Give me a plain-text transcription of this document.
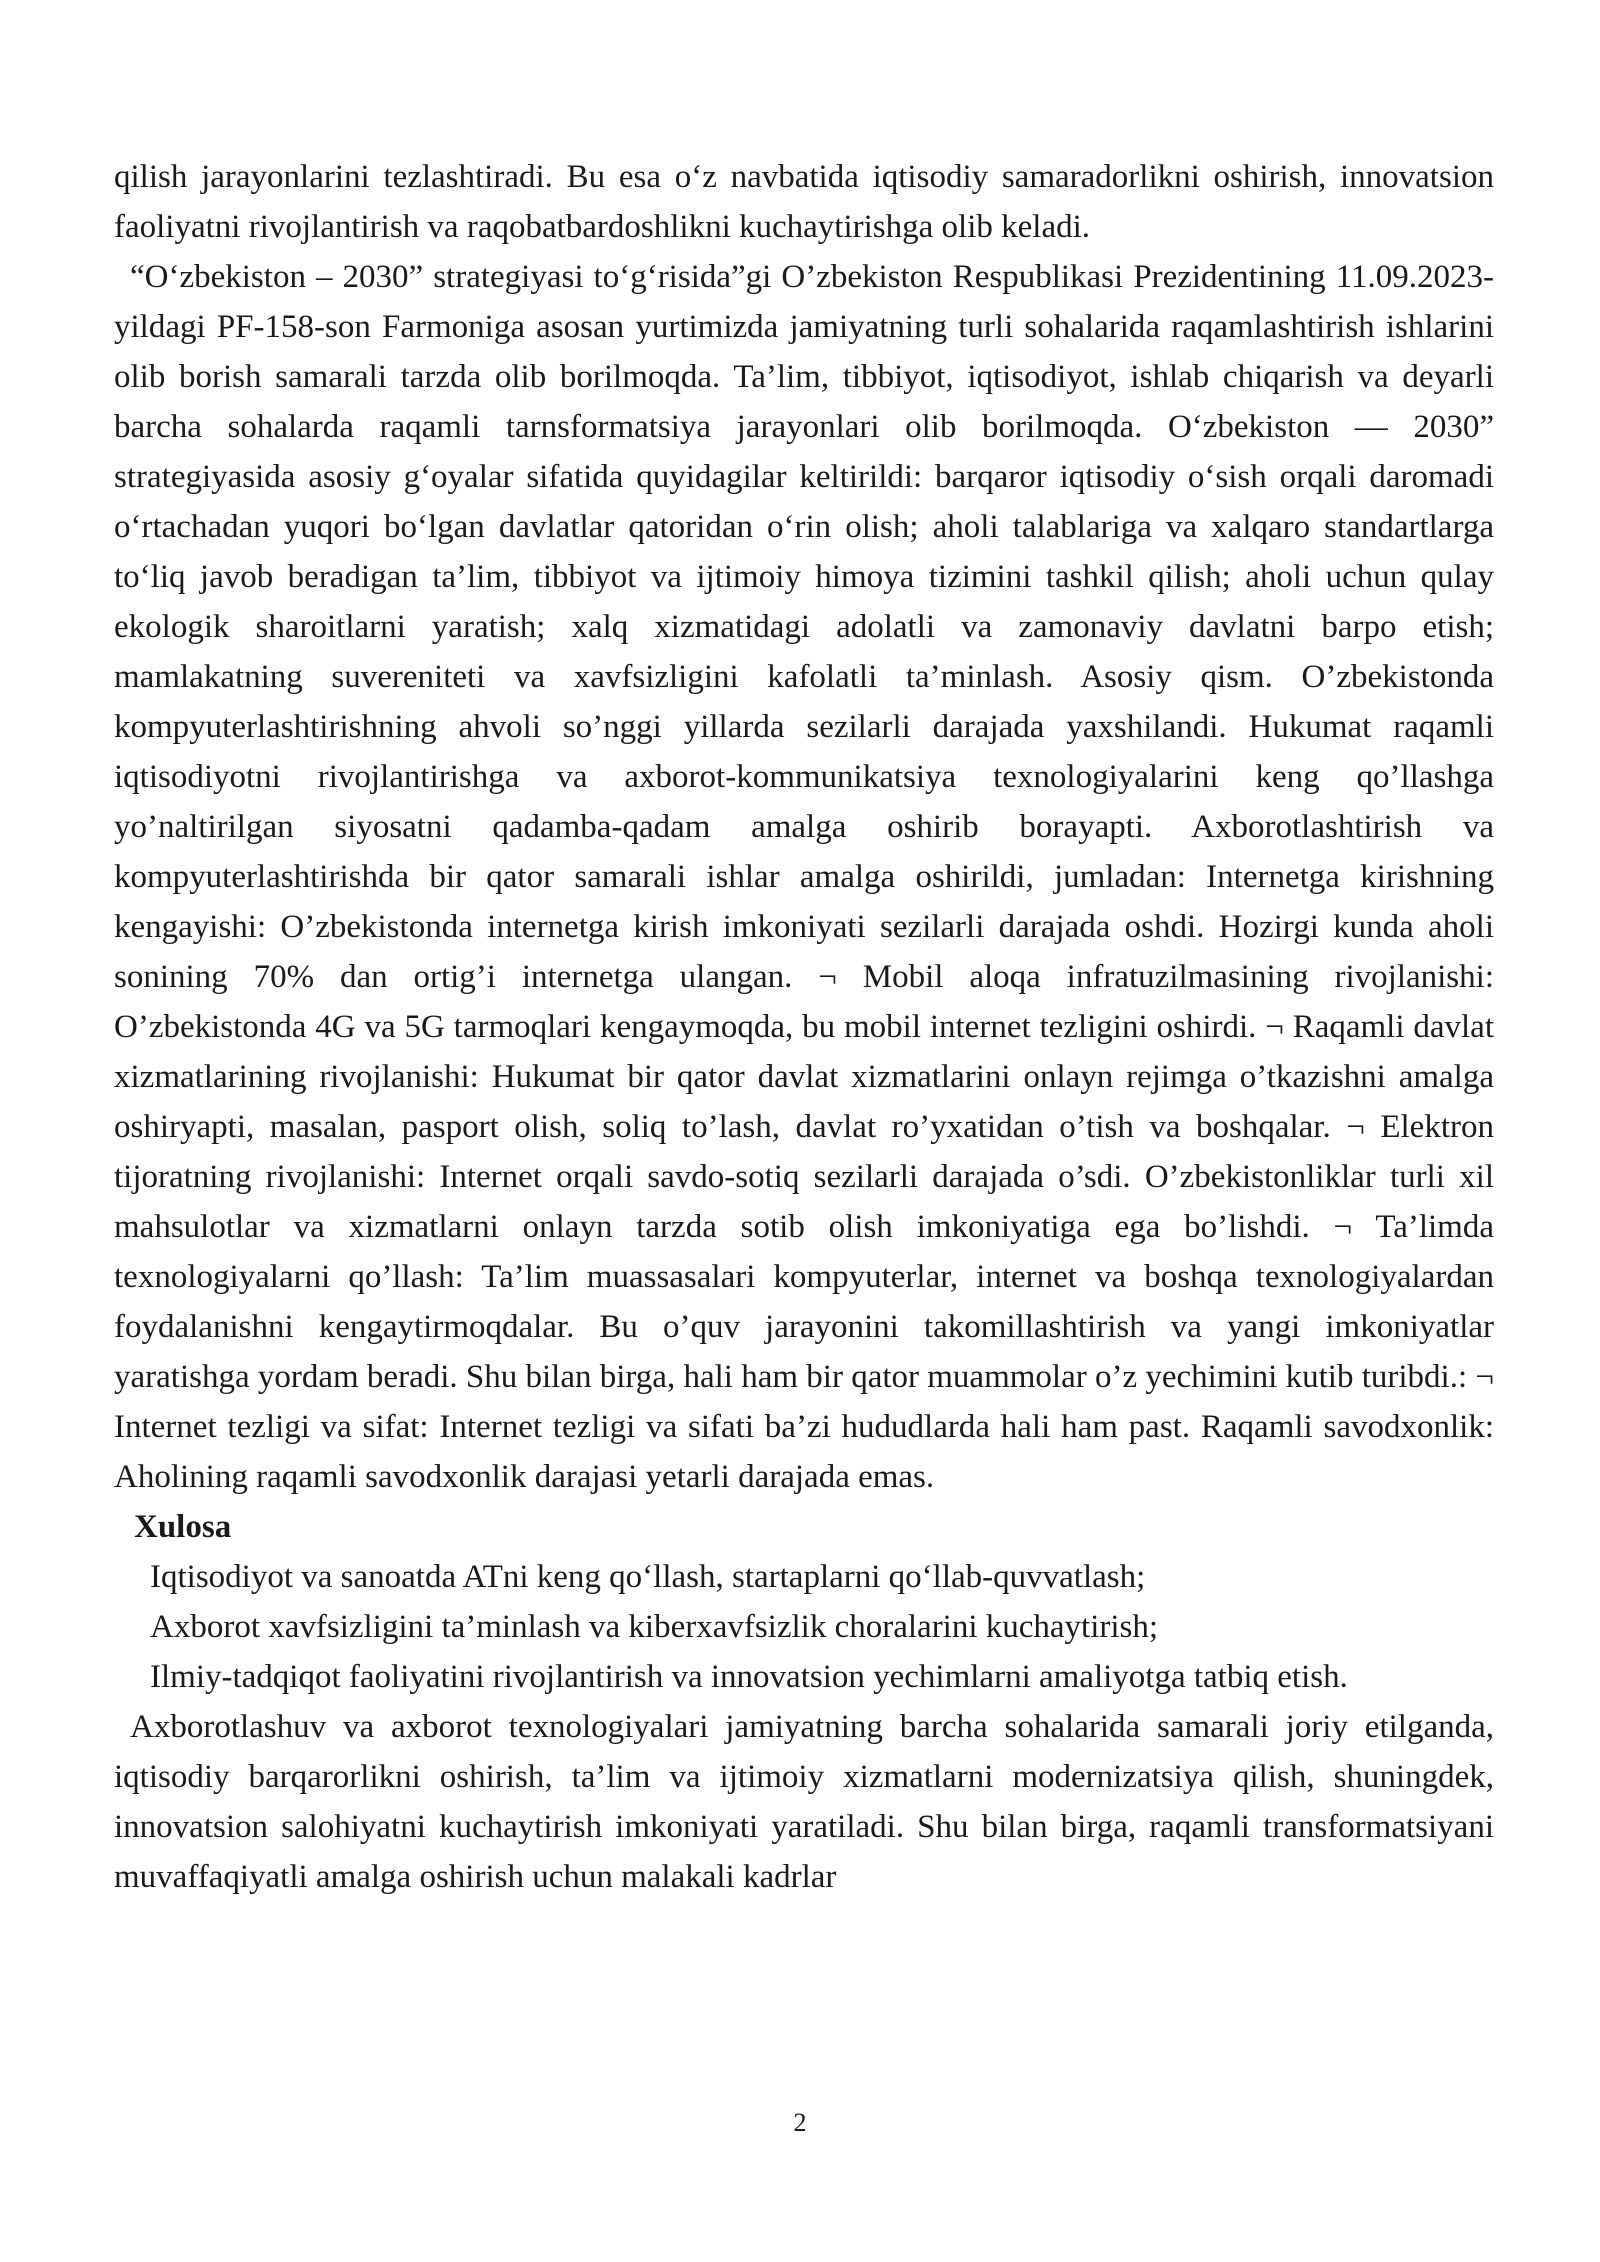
qilish jarayonlarini tezlashtiradi. Bu esa o‘z navbatida iqtisodiy samaradorlikni oshirish, innovatsion faoliyatni rivojlantirish va raqobatbardoshlikni kuchaytirishga olib keladi.

“O‘zbekiston – 2030” strategiyasi to‘g‘risida”gi O’zbekiston Respublikasi Prezidentining 11.09.2023-yildagi PF-158-son Farmoniga asosan yurtimizda jamiyatning turli sohalarida raqamlashtirish ishlarini olib borish samarali tarzda olib borilmoqda. Ta’lim, tibbiyot, iqtisodiyot, ishlab chiqarish va deyarli barcha sohalarda raqamli tarnsformatsiya jarayonlari olib borilmoqda. O‘zbekiston — 2030” strategiyasida asosiy g‘oyalar sifatida quyidagilar keltirildi: barqaror iqtisodiy o‘sish orqali daromadi o‘rtachadan yuqori bo‘lgan davlatlar qatoridan o‘rin olish; aholi talablariga va xalqaro standartlarga to‘liq javob beradigan ta’lim, tibbiyot va ijtimoiy himoya tizimini tashkil qilish; aholi uchun qulay ekologik sharoitlarni yaratish; xalq xizmatidagi adolatli va zamonaviy davlatni barpo etish; mamlakatning suvereniteti va xavfsizligini kafolatli ta’minlash. Asosiy qism. O’zbekistonda kompyuterlashtirishning ahvoli so’nggi yillarda sezilarli darajada yaxshilandi. Hukumat raqamli iqtisodiyotni rivojlantirishga va axborot-kommunikatsiya texnologiyalarini keng qo’llashga yo’naltirilgan siyosatni qadamba-qadam amalga oshirib borayapti. Axborotlashtirish va kompyuterlashtirishda bir qator samarali ishlar amalga oshirildi, jumladan: Internetga kirishning kengayishi: O’zbekistonda internetga kirish imkoniyati sezilarli darajada oshdi. Hozirgi kunda aholi sonining 70% dan ortig’i internetga ulangan. ¬ Mobil aloqa infratuzilmasining rivojlanishi: O’zbekistonda 4G va 5G tarmoqlari kengaymoqda, bu mobil internet tezligini oshirdi. ¬ Raqamli davlat xizmatlarining rivojlanishi: Hukumat bir qator davlat xizmatlarini onlayn rejimga o’tkazishni amalga oshiryapti, masalan, pasport olish, soliq to’lash, davlat ro’yxatidan o’tish va boshqalar. ¬ Elektron tijoratning rivojlanishi: Internet orqali savdo-sotiq sezilarli darajada o’sdi. O’zbekistonliklar turli xil mahsulotlar va xizmatlarni onlayn tarzda sotib olish imkoniyatiga ega bo’lishdi. ¬ Ta’limda texnologiyalarni qo’llash: Ta’lim muassasalari kompyuterlar, internet va boshqa texnologiyalardan foydalanishni kengaytirmoqdalar. Bu o’quv jarayonini takomillashtirish va yangi imkoniyatlar yaratishga yordam beradi. Shu bilan birga, hali ham bir qator muammolar o’z yechimini kutib turibdi.: ¬ Internet tezligi va sifat: Internet tezligi va sifati ba’zi hududlarda hali ham past. Raqamli savodxonlik: Aholining raqamli savodxonlik darajasi yetarli darajada emas.

Xulosa

Iqtisodiyot va sanoatda ATni keng qo‘llash, startaplarni qo‘llab-quvvatlash;

Axborot xavfsizligini ta’minlash va kiberxavfsizlik choralarini kuchaytirish;

Ilmiy-tadqiqot faoliyatini rivojlantirish va innovatsion yechimlarni amaliyotga tatbiq etish.

Axborotlashuv va axborot texnologiyalari jamiyatning barcha sohalarida samarali joriy etilganda, iqtisodiy barqarorlikni oshirish, ta’lim va ijtimoiy xizmatlarni modernizatsiya qilish, shuningdek, innovatsion salohiyatni kuchaytirish imkoniyati yaratiladi. Shu bilan birga, raqamli transformatsiyani muvaffaqiyatli amalga oshirish uchun malakali kadrlar

2
